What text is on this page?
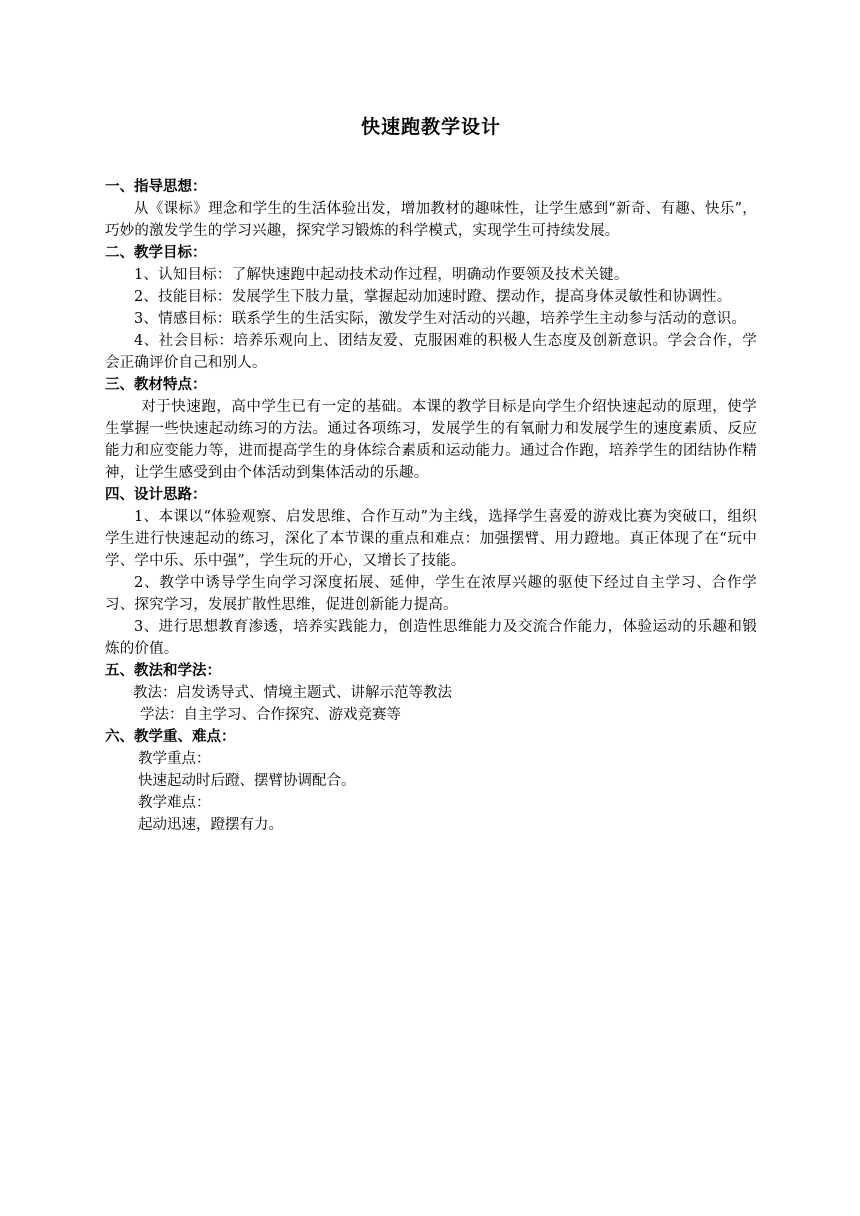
快速跑教学设计

一、指导思想：

从《课标》理念和学生的生活体验出发，增加教材的趣味性，让学生感到“新奇、有趣、快乐”，巧妙的激发学生的学习兴趣，探究学习锻炼的科学模式，实现学生可持续发展。

二、教学目标：

1、认知目标：了解快速跑中起动技术动作过程，明确动作要领及技术关键。

2、技能目标：发展学生下肢力量，掌握起动加速时蹬、摆动作，提高身体灵敏性和协调性。

3、情感目标：联系学生的生活实际，激发学生对活动的兴趣，培养学生主动参与活动的意识。

4、社会目标：培养乐观向上、团结友爱、克服困难的积极人生态度及创新意识。学会合作，学会正确评价自己和别人。

三、教材特点：

对于快速跑，高中学生已有一定的基础。本课的教学目标是向学生介绍快速起动的原理，使学生掌握一些快速起动练习的方法。通过各项练习，发展学生的有氧耐力和发展学生的速度素质、反应能力和应变能力等，进而提高学生的身体综合素质和运动能力。通过合作跑，培养学生的团结协作精神，让学生感受到由个体活动到集体活动的乐趣。

四、设计思路：

1、本课以“体验观察、启发思维、合作互动”为主线，选择学生喜爱的游戏比赛为突破口，组织学生进行快速起动的练习，深化了本节课的重点和难点：加强摆臂、用力蹬地。真正体现了在“玩中学、学中乐、乐中强”，学生玩的开心，又增长了技能。

2、教学中诱导学生向学习深度拓展、延伸，学生在浓厚兴趣的驱使下经过自主学习、合作学习、探究学习，发展扩散性思维，促进创新能力提高。

3、进行思想教育渗透，培养实践能力，创造性思维能力及交流合作能力，体验运动的乐趣和锻炼的价值。

五、教法和学法：

教法：启发诱导式、情境主题式、讲解示范等教法

学法：自主学习、合作探究、游戏竞赛等

六、教学重、难点：

教学重点：

快速起动时后蹬、摆臂协调配合。

教学难点：

起动迅速，蹬摆有力。
